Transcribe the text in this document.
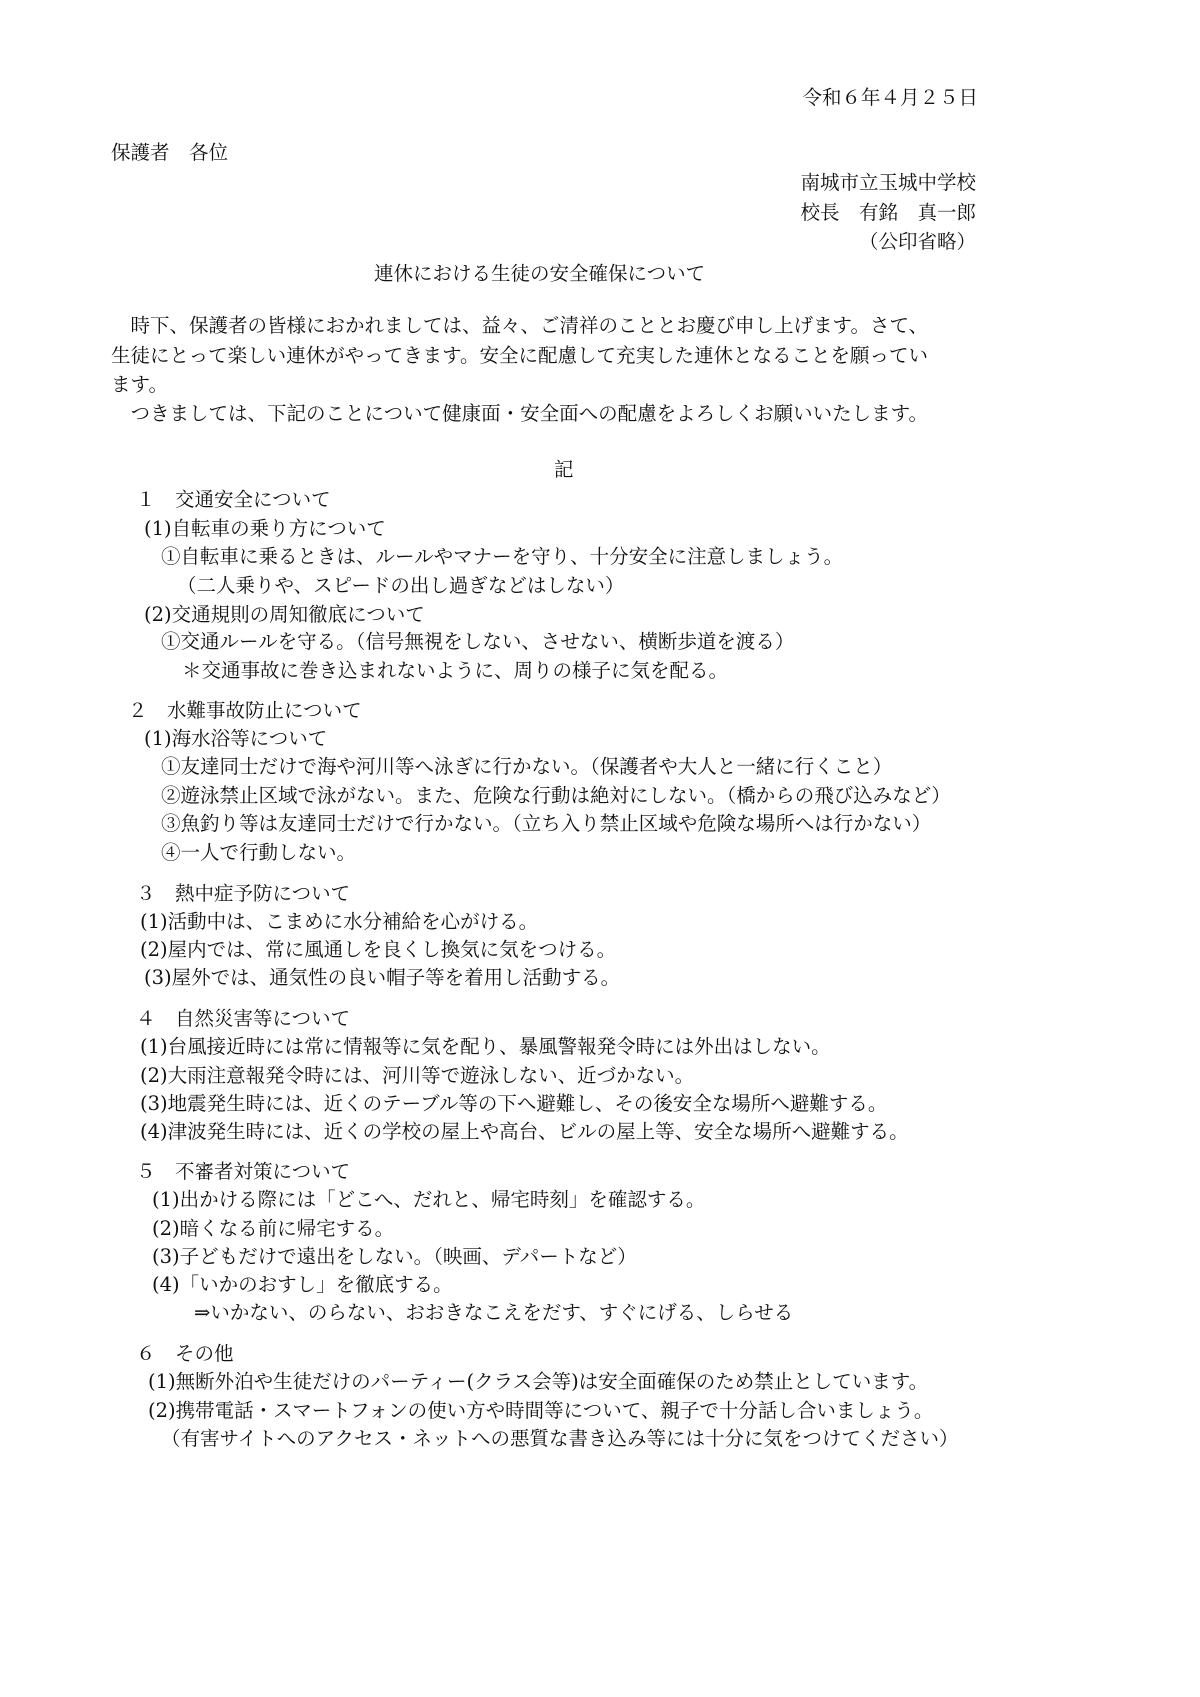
令和６年４月２５日
保護者　各位
南城市立玉城中学校
校長　有銘　真一郎
（公印省略）
連休における生徒の安全確保について
　時下、保護者の皆様におかれましては、益々、ご清祥のこととお慶び申し上げます。さて、
生徒にとって楽しい連休がやってきます。安全に配慮して充実した連休となることを願ってい
ます。
　つきましては、下記のことについて健康面・安全面への配慮をよろしくお願いいたします。
記
１　交通安全について
(1)自転車の乗り方について
①自転車に乗るときは、ルールやマナーを守り、十分安全に注意しましょう。
（二人乗りや、スピードの出し過ぎなどはしない）
(2)交通規則の周知徹底について
①交通ルールを守る。（信号無視をしない、させない、横断歩道を渡る）
＊交通事故に巻き込まれないように、周りの様子に気を配る。
２　水難事故防止について
(1)海水浴等について
①友達同士だけで海や河川等へ泳ぎに行かない。（保護者や大人と一緒に行くこと）
②遊泳禁止区域で泳がない。また、危険な行動は絶対にしない。（橋からの飛び込みなど）
③魚釣り等は友達同士だけで行かない。（立ち入り禁止区域や危険な場所へは行かない）
④一人で行動しない。
３　熱中症予防について
(1)活動中は、こまめに水分補給を心がける。
(2)屋内では、常に風通しを良くし換気に気をつける。
(3)屋外では、通気性の良い帽子等を着用し活動する。
４　自然災害等について
(1)台風接近時には常に情報等に気を配り、暴風警報発令時には外出はしない。
(2)大雨注意報発令時には、河川等で遊泳しない、近づかない。
(3)地震発生時には、近くのテーブル等の下へ避難し、その後安全な場所へ避難する。
(4)津波発生時には、近くの学校の屋上や高台、ビルの屋上等、安全な場所へ避難する。
５　不審者対策について
(1)出かける際には「どこへ、だれと、帰宅時刻」を確認する。
(2)暗くなる前に帰宅する。
(3)子どもだけで遠出をしない。（映画、デパートなど）
(4)「いかのおすし」を徹底する。
⇒いかない、のらない、おおきなこえをだす、すぐにげる、しらせる
６　その他
(1)無断外泊や生徒だけのパーティー(クラス会等)は安全面確保のため禁止としています。
(2)携帯電話・スマートフォンの使い方や時間等について、親子で十分話し合いましょう。
（有害サイトへのアクセス・ネットへの悪質な書き込み等には十分に気をつけてください）
